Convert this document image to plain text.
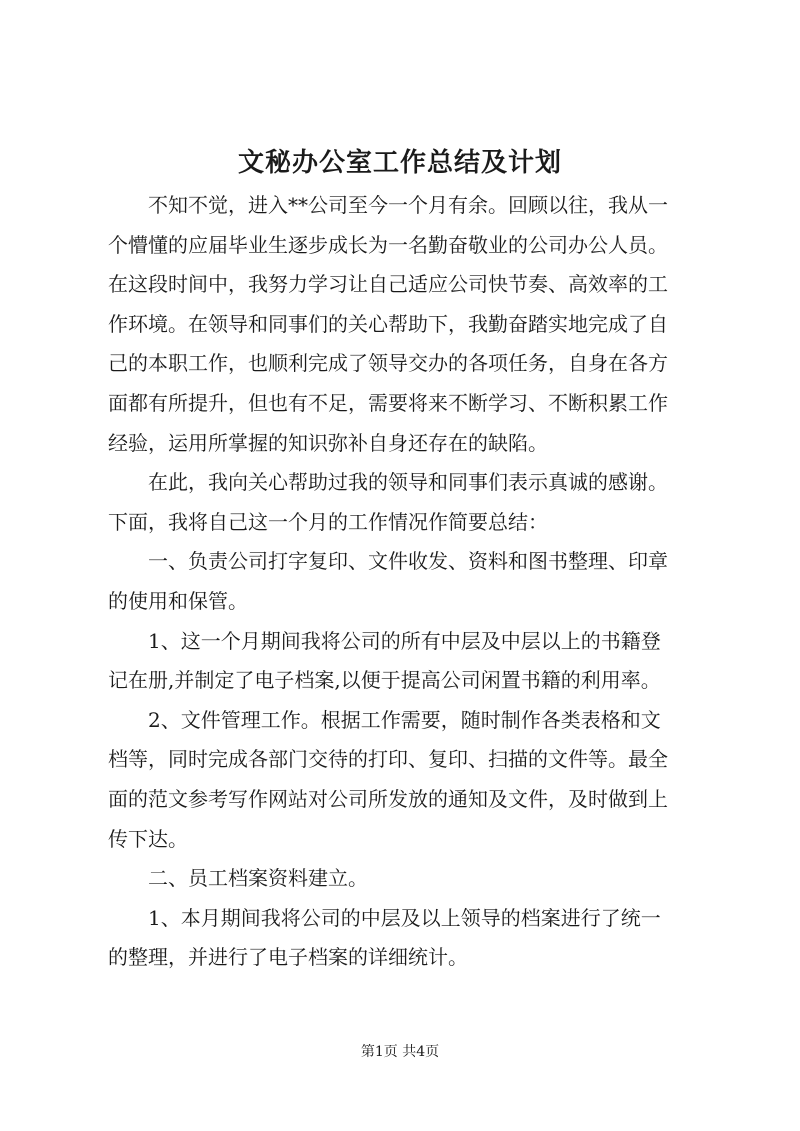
文秘办公室工作总结及计划

不知不觉，进入**公司至今一个月有余。回顾以往，我从一
个懵懂的应届毕业生逐步成长为一名勤奋敬业的公司办公人员。
在这段时间中，我努力学习让自己适应公司快节奏、高效率的工
作环境。在领导和同事们的关心帮助下，我勤奋踏实地完成了自
己的本职工作，也顺利完成了领导交办的各项任务，自身在各方
面都有所提升，但也有不足，需要将来不断学习、不断积累工作
经验，运用所掌握的知识弥补自身还存在的缺陷。

在此，我向关心帮助过我的领导和同事们表示真诚的感谢。
下面，我将自己这一个月的工作情况作简要总结：

一、负责公司打字复印、文件收发、资料和图书整理、印章
的使用和保管。

1、这一个月期间我将公司的所有中层及中层以上的书籍登
记在册,并制定了电子档案,以便于提高公司闲置书籍的利用率。

2、文件管理工作。根据工作需要，随时制作各类表格和文
档等，同时完成各部门交待的打印、复印、扫描的文件等。最全
面的范文参考写作网站对公司所发放的通知及文件，及时做到上
传下达。

二、员工档案资料建立。

1、本月期间我将公司的中层及以上领导的档案进行了统一
的整理，并进行了电子档案的详细统计。

第1页 共4页
